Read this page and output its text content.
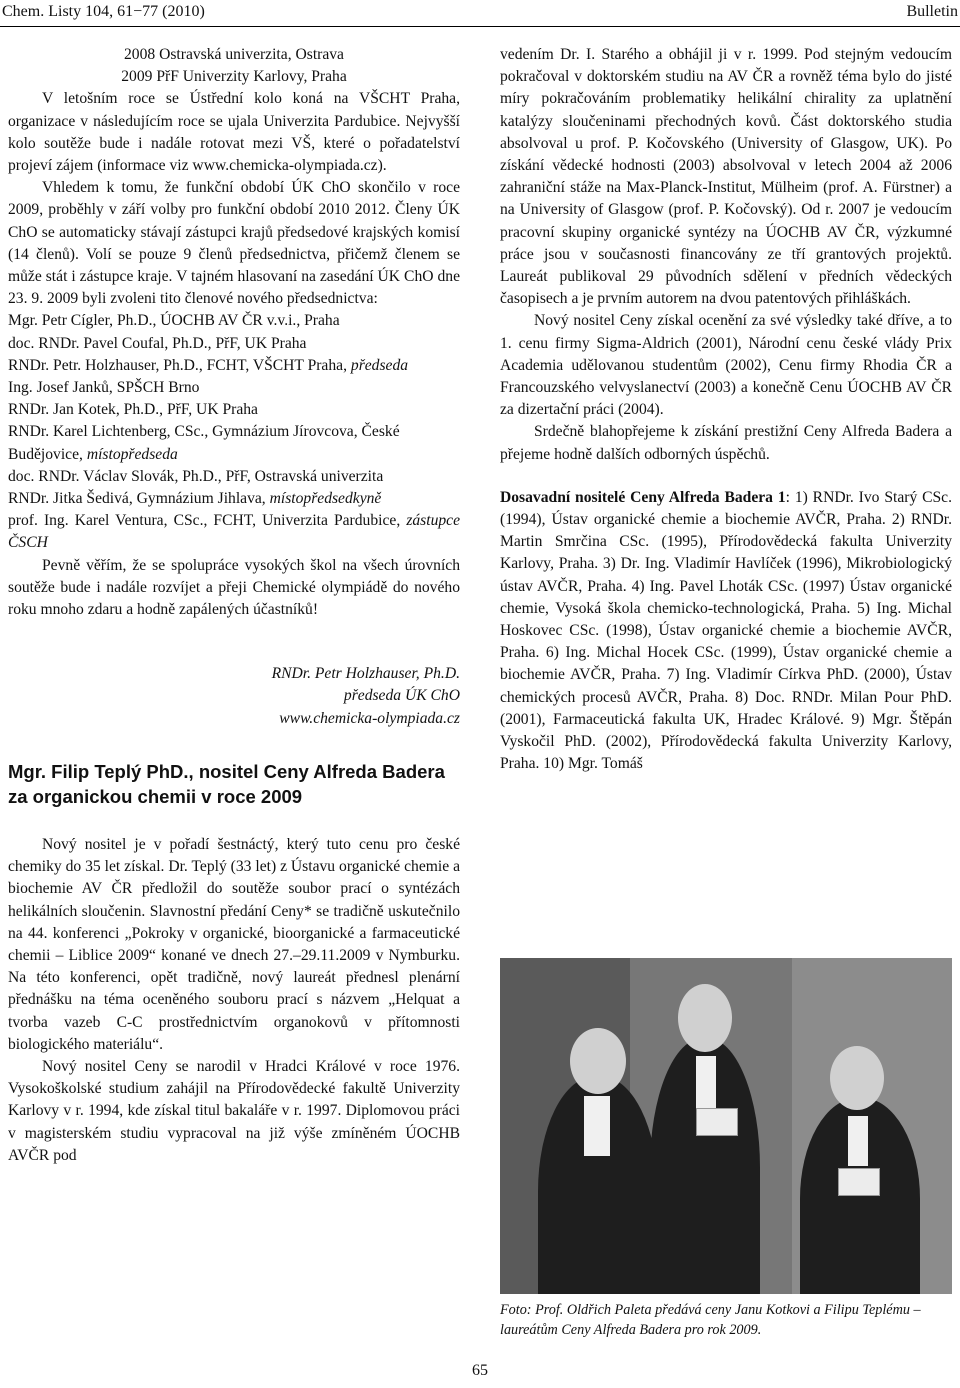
Chem. Listy 104, 61−77 (2010)	Bulletin

2008 Ostravská univerzita, Ostrava

2009 PřF Univerzity Karlovy, Praha

V letošním roce se Ústřední kolo koná na VŠCHT Praha, organizace v následujícím roce se ujala Univerzita Pardubice. Nejvyšší kolo soutěže bude i nadále rotovat mezi VŠ, které o pořadatelství projeví zájem (informace viz www.chemicka-olympiada.cz).

Vhledem k tomu, že funkční období ÚK ChO skončilo v roce 2009, proběhly v září volby pro funkční období 2010 2012. Členy ÚK ChO se automaticky stávají zástupci krajů předsedové krajských komisí (14 členů). Volí se pouze 9 členů předsednictva, přičemž členem se může stát i zástupce kraje. V tajném hlasovaní na zasedání ÚK ChO dne 23. 9. 2009 byli zvoleni tito členové nového předsednictva:

Mgr. Petr Cígler, Ph.D., ÚOCHB AV ČR v.v.i., Praha

doc. RNDr. Pavel Coufal, Ph.D., PřF, UK Praha

RNDr. Petr. Holzhauser, Ph.D., FCHT, VŠCHT Praha, předseda

Ing. Josef Janků, SPŠCH Brno

RNDr. Jan Kotek, Ph.D., PřF, UK Praha

RNDr. Karel Lichtenberg, CSc., Gymnázium Jírovcova, České Budějovice, místopředseda

doc. RNDr. Václav Slovák, Ph.D., PřF, Ostravská univerzita

RNDr. Jitka Šedivá, Gymnázium Jihlava, místopředsedkyně

prof. Ing. Karel Ventura, CSc., FCHT, Univerzita Pardubice, zástupce ČSCH

Pevně věřím, že se spolupráce vysokých škol na všech úrovních soutěže bude i nadále rozvíjet a přeji Chemické olympiádě do nového roku mnoho zdaru a hodně zapálených účastníků!

RNDr. Petr Holzhauser, Ph.D.

předseda ÚK ChO

www.chemicka-olympiada.cz

Mgr. Filip Teplý PhD., nositel Ceny Alfreda Badera za organickou chemii v roce 2009

Nový nositel je v pořadí šestnáctý, který tuto cenu pro české chemiky do 35 let získal. Dr. Teplý (33 let) z Ústavu organické chemie a biochemie AV ČR předložil do soutěže soubor prací o syntézách helikálních sloučenin. Slavnostní předání Ceny* se tradičně uskutečnilo na 44. konferenci „Pokroky v organické, bioorganické a farmaceutické chemii – Liblice 2009“ konané ve dnech 27.–29.11.2009 v Nymburku. Na této konferenci, opět tradičně, nový laureát přednesl plenární přednášku na téma oceněného souboru prací s názvem „Helquat a tvorba vazeb C-C prostřednictvím organokovů v přítomnosti biologického materiálu“.

Nový nositel Ceny se narodil v Hradci Králové v roce 1976. Vysokoškolské studium zahájil na Přírodovědecké fakultě Univerzity Karlovy v r. 1994, kde získal titul bakaláře v r. 1997. Diplomovou práci v magisterském studiu vypracoval na již výše zmíněném ÚOCHB AVČR pod

vedením Dr. I. Starého a obhájil ji v r. 1999. Pod stejným vedoucím pokračoval v doktorském studiu na AV ČR a rovněž téma bylo do jisté míry pokračováním problematiky helikální chirality za uplatnění katalýzy sloučeninami přechodných kovů. Část doktorského studia absolvoval u prof. P. Kočovského (University of Glasgow, UK). Po získání vědecké hodnosti (2003) absolvoval v letech 2004 až 2006 zahraniční stáže na Max-Planck-Institut, Mülheim (prof. A. Fürstner) a na University of Glasgow (prof. P. Kočovský). Od r. 2007 je vedoucím pracovní skupiny organické syntézy na ÚOCHB AV ČR, výzkumné práce jsou v současnosti financovány ze tří grantových projektů. Laureát publikoval 29 původních sdělení v předních vědeckých časopisech a je prvním autorem na dvou patentových přihláškách.

Nový nositel Ceny získal ocenění za své výsledky také dříve, a to 1. cenu firmy Sigma-Aldrich (2001), Národní cenu české vlády Prix Academia udělovanou studentům (2002), Cenu firmy Rhodia ČR a Francouzského velvyslanectví (2003) a konečně Cenu ÚOCHB AV ČR za dizertační práci (2004).

Srdečně blahopřejeme k získání prestižní Ceny Alfreda Badera a přejeme hodně dalších odborných úspěchů.

Dosavadní nositelé Ceny Alfreda Badera 1: 1) RNDr. Ivo Starý CSc. (1994), Ústav organické chemie a biochemie AVČR, Praha. 2) RNDr. Martin Smrčina CSc. (1995), Přírodovědecká fakulta Univerzity Karlovy, Praha. 3) Dr. Ing. Vladimír Havlíček (1996), Mikrobiologický ústav AVČR, Praha. 4) Ing. Pavel Lhoták CSc. (1997) Ústav organické chemie, Vysoká škola chemicko-technologická, Praha. 5) Ing. Michal Hoskovec CSc. (1998), Ústav organické chemie a biochemie AVČR, Praha. 6) Ing. Michal Hocek CSc. (1999), Ústav organické chemie a biochemie AVČR, Praha. 7) Ing. Vladimír Církva PhD. (2000), Ústav chemických procesů AVČR, Praha. 8) Doc. RNDr. Milan Pour PhD. (2001), Farmaceutická fakulta UK, Hradec Králové. 9) Mgr. Štěpán Vyskočil PhD. (2002), Přírodovědecká fakulta Univerzity Karlovy, Praha. 10) Mgr. Tomáš

Foto: Prof. Oldřich Paleta předává ceny Janu Kotkovi a Filipu Teplému – laureátům Ceny Alfreda Badera pro rok 2009.
65
